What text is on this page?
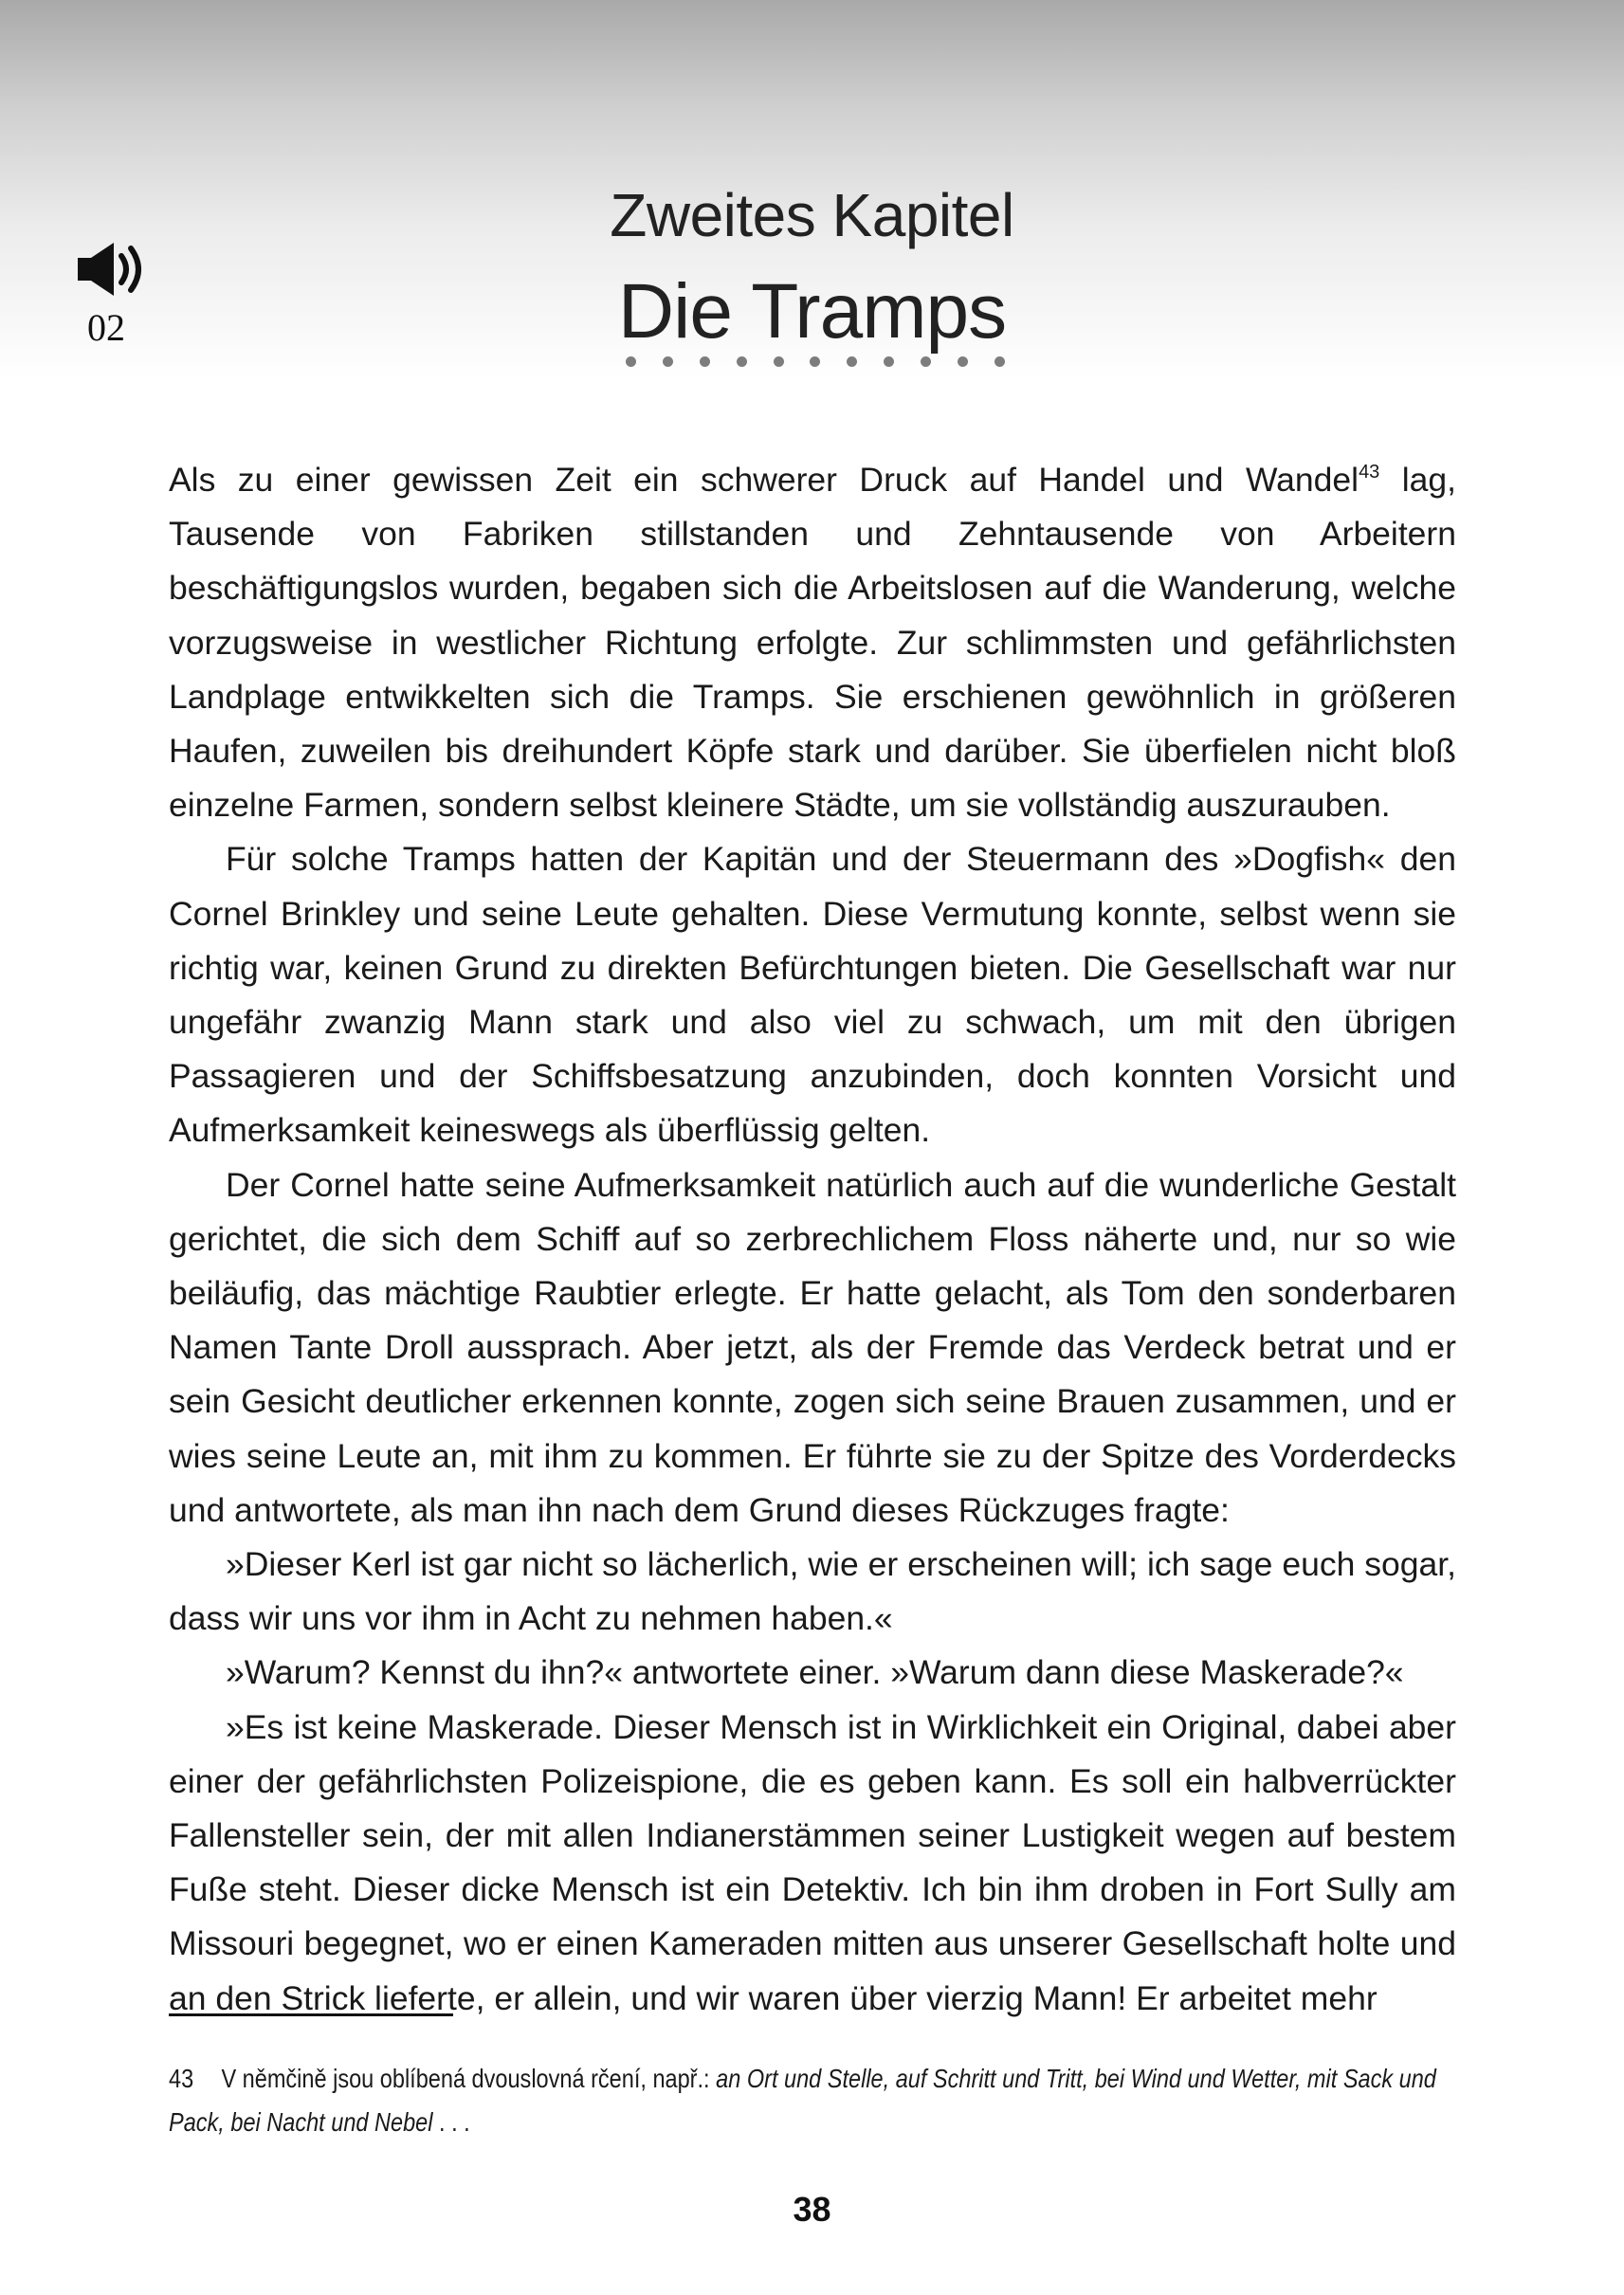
02
Zweites Kapitel
Die Tramps

Als zu einer gewissen Zeit ein schwerer Druck auf Handel und Wandel$^{43}$ lag, Tausende von Fabriken stillstanden und Zehntausende von Arbeitern beschäftigungslos wurden, begaben sich die Arbeitslosen auf die Wanderung, welche vorzugsweise in westlicher Richtung erfolgte. Zur schlimmsten und gefährlichsten Landplage entwikkelten sich die Tramps. Sie erschienen gewöhnlich in größeren Haufen, zuweilen bis dreihundert Köpfe stark und darüber. Sie überfielen nicht bloß einzelne Farmen, sondern selbst kleinere Städte, um sie vollständig auszurauben.

Für solche Tramps hatten der Kapitän und der Steuermann des »Dogfish« den Cornel Brinkley und seine Leute gehalten. Diese Vermutung konnte, selbst wenn sie richtig war, keinen Grund zu direkten Befürchtungen bieten. Die Gesellschaft war nur ungefähr zwanzig Mann stark und also viel zu schwach, um mit den übrigen Passagieren und der Schiffsbesatzung anzubinden, doch konnten Vorsicht und Aufmerksamkeit keineswegs als überflüssig gelten.

Der Cornel hatte seine Aufmerksamkeit natürlich auch auf die wunderliche Gestalt gerichtet, die sich dem Schiff auf so zerbrechlichem Floss näherte und, nur so wie beiläufig, das mächtige Raubtier erlegte. Er hatte gelacht, als Tom den sonderbaren Namen Tante Droll aussprach. Aber jetzt, als der Fremde das Verdeck betrat und er sein Gesicht deutlicher erkennen konnte, zogen sich seine Brauen zusammen, und er wies seine Leute an, mit ihm zu kommen. Er führte sie zu der Spitze des Vorderdecks und antwortete, als man ihn nach dem Grund dieses Rückzuges fragte:

»Dieser Kerl ist gar nicht so lächerlich, wie er erscheinen will; ich sage euch sogar, dass wir uns vor ihm in Acht zu nehmen haben.«

»Warum? Kennst du ihn?« antwortete einer. »Warum dann diese Maskerade?«

»Es ist keine Maskerade. Dieser Mensch ist in Wirklichkeit ein Original, dabei aber einer der gefährlichsten Polizeispione, die es geben kann. Es soll ein halbverrückter Fallensteller sein, der mit allen Indianerstämmen seiner Lustigkeit wegen auf bestem Fuße steht. Dieser dicke Mensch ist ein Detektiv. Ich bin ihm droben in Fort Sully am Missouri begegnet, wo er einen Kameraden mitten aus unserer Gesellschaft holte und an den Strick lieferte, er allein, und wir waren über vierzig Mann! Er arbeitet mehr

43 V němčině jsou oblíbená dvouslovná rčení, např.: an Ort und Stelle, auf Schritt und Tritt, bei Wind und Wetter, mit Sack und Pack, bei Nacht und Nebel . . .
38
